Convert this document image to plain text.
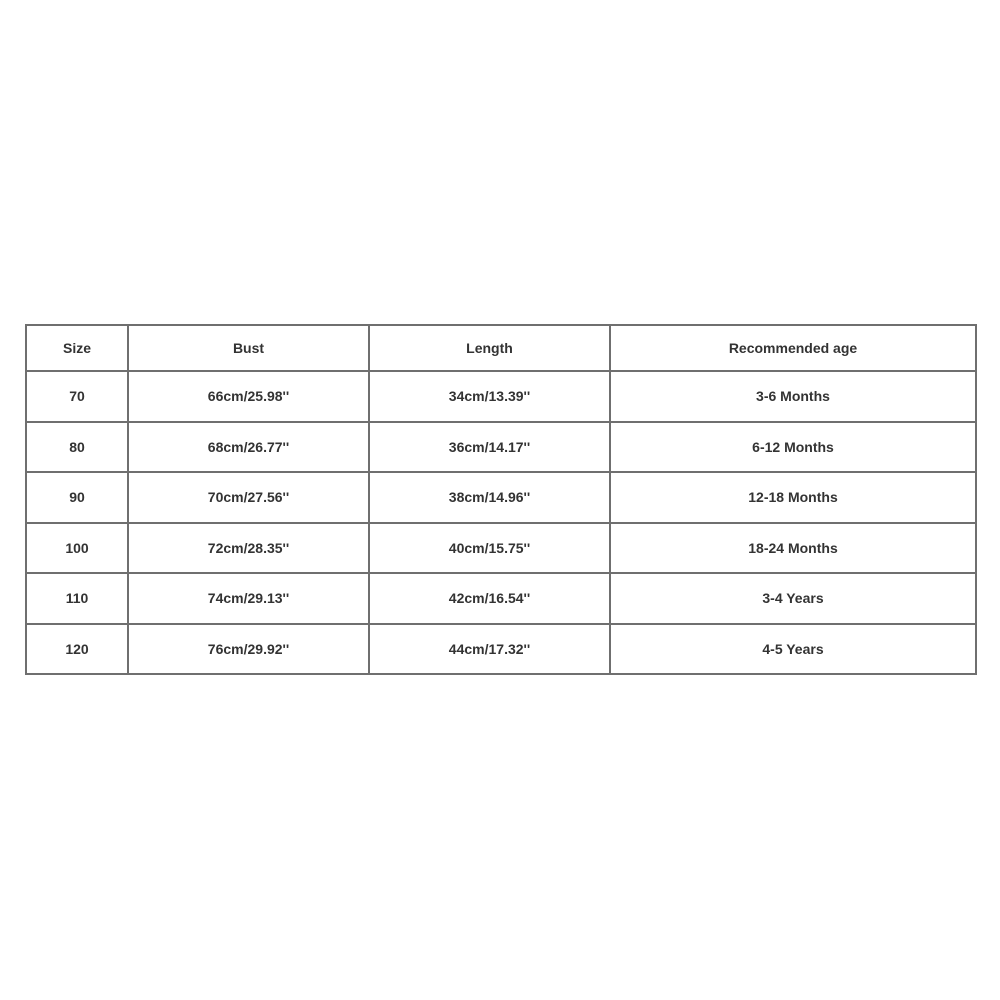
Size	Bust	Length	Recommended age
70	66cm/25.98''	34cm/13.39''	3-6 Months
80	68cm/26.77''	36cm/14.17''	6-12 Months
90	70cm/27.56''	38cm/14.96''	12-18 Months
100	72cm/28.35''	40cm/15.75''	18-24 Months
110	74cm/29.13''	42cm/16.54''	3-4 Years
120	76cm/29.92''	44cm/17.32''	4-5 Years
